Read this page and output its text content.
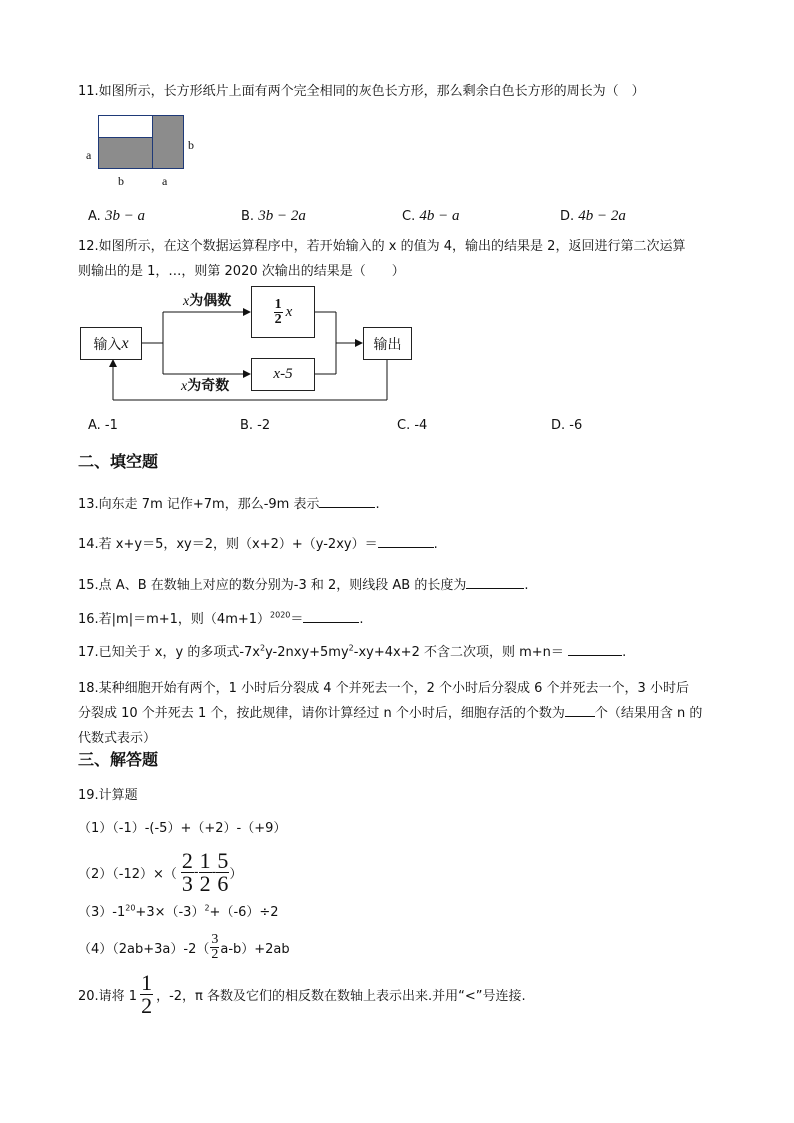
11.如图所示，长方形纸片上面有两个完全相同的灰色长方形，那么剩余白色长方形的周长为（　）
a
b
b	a
A. 3b − a	B. 3b − 2a	C. 4b − a	D. 4b − 2a
12.如图所示，在这个数据运算程序中，若开始输入的 x 的值为 4，输出的结果是 2，返回进行第二次运算
则输出的是 1，…，则第 2020 次输出的结果是（　　）
输入 x
x为偶数
x为奇数
1
2 x
x-5
输出
A. -1	B. -2	C. -4	D. -6
二、填空题
13.向东走 7m 记作+7m，那么-9m 表示	.
14.若 x+y＝5，xy＝2，则（x+2）+（y-2xy）＝	.
15.点 A、B 在数轴上对应的数分别为-3 和 2，则线段 AB 的长度为	.
16.若|m|＝m+1，则$(4m+1)^{2020}=$	.
17.已知关于 x，y 的多项式$-7x^2y-2nxy+5my^2-xy+4x+2$ 不含二次项，则 m+n＝	.
18.某种细胞开始有两个，1 小时后分裂成 4 个并死去一个，2 个小时后分裂成 6 个并死去一个，3 小时后
分裂成 10 个并死去 1 个，按此规律，请你计算经过 n 个小时后，细胞存活的个数为 个（结果用含 n 的
代数式表示）
三、解答题
19.计算题
（1）（-1）-(-5）+（+2）-（+9）
（2）（-12）×（
2
3 - 1
2 - 5
6 ）
$(3)-1^{20}+3\times(-3)^2+(-6)\div 2$
（4）（2ab+3a）-2（
3
2 a-b）+2ab
20.请将 1
1
2 ，-2，π 各数及它们的相反数在数轴上表示出来.并用“<”号连接.
